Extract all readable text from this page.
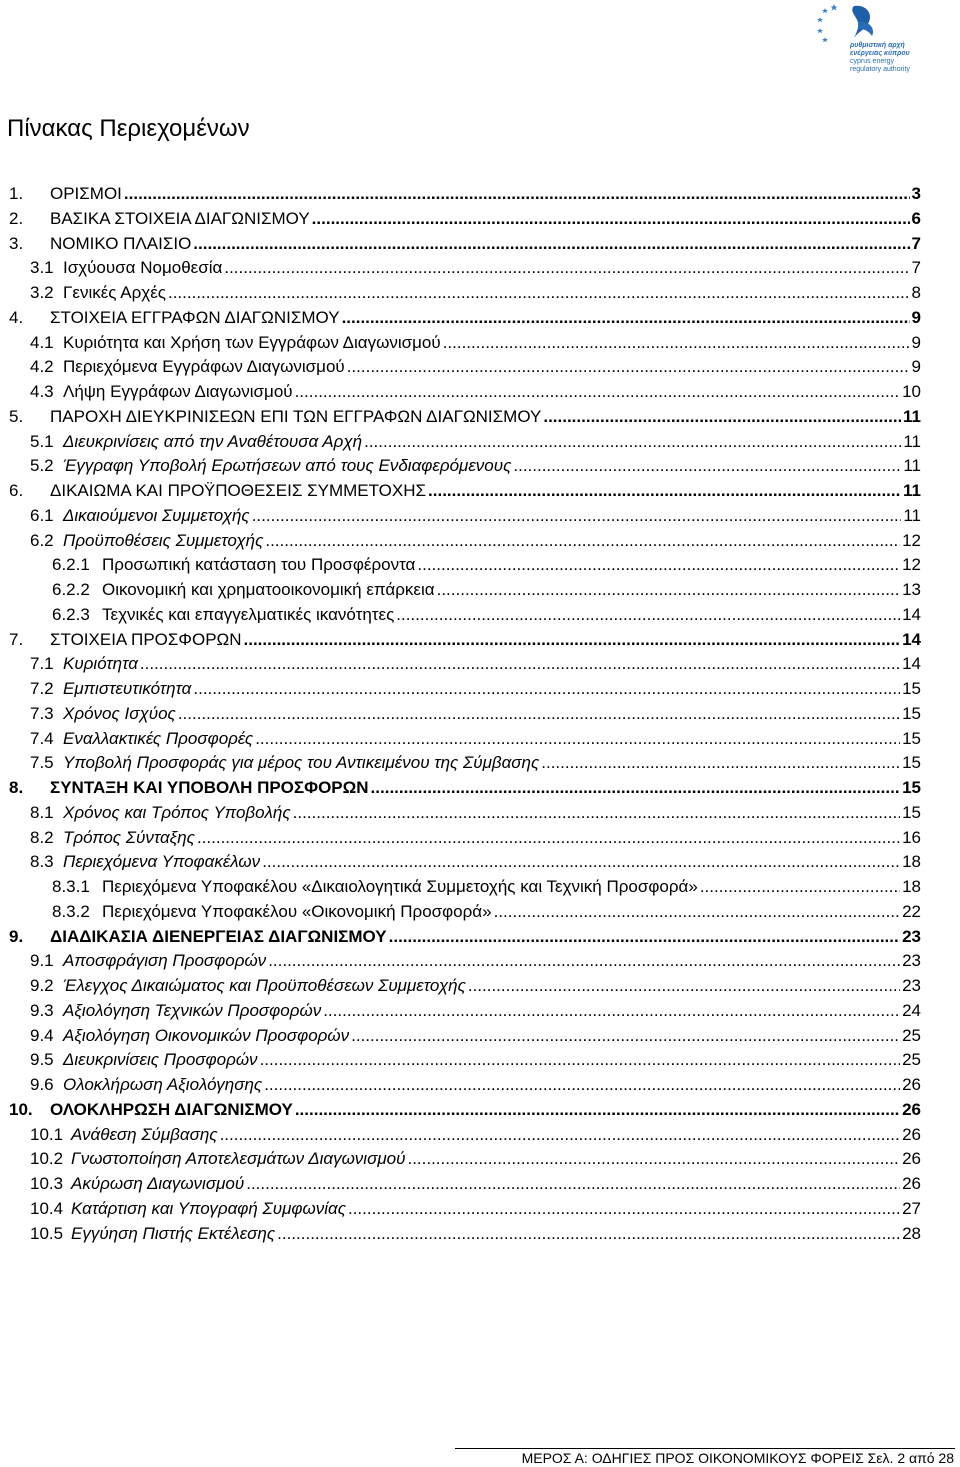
ρυθμιστική αρχή
ενέργειας κύπρου
cyprus energy
regulatory authority
Πίνακας Περιεχομένων
1. ΟΡΙΣΜΟΙ .....	3
2. ΒΑΣΙΚΑ ΣΤΟΙΧΕΙΑ ΔΙΑΓΩΝΙΣΜΟΥ .....	6
3. ΝΟΜΙΚΟ ΠΛΑΙΣΙΟ .....	7
3.1 Ισχύουσα Νομοθεσία .....	7
3.2 Γενικές Αρχές .....	8
4. ΣΤΟΙΧΕΙΑ ΕΓΓΡΑΦΩΝ ΔΙΑΓΩΝΙΣΜΟΥ .....	9
4.1 Κυριότητα και Χρήση των Εγγράφων Διαγωνισμού .....	9
4.2 Περιεχόμενα Εγγράφων Διαγωνισμού .....	9
4.3 Λήψη Εγγράφων Διαγωνισμού .....	10
5. ΠΑΡΟΧΗ ΔΙΕΥΚΡΙΝΙΣΕΩΝ ΕΠΙ ΤΩΝ ΕΓΓΡΑΦΩΝ ΔΙΑΓΩΝΙΣΜΟΥ .....	11
5.1 Διευκρινίσεις από την Αναθέτουσα Αρχή .....	11
5.2 Έγγραφη Υποβολή Ερωτήσεων από τους Ενδιαφερόμενους .....	11
6. ΔΙΚΑΙΩΜΑ ΚΑΙ ΠΡΟΫΠΟΘΕΣΕΙΣ ΣΥΜΜΕΤΟΧΗΣ .....	11
6.1 Δικαιούμενοι Συμμετοχής .....	11
6.2 Προϋποθέσεις Συμμετοχής .....	12
6.2.1 Προσωπική κατάσταση του Προσφέροντα .....	12
6.2.2 Οικονομική και χρηματοοικονομική επάρκεια .....	13
6.2.3 Τεχνικές και επαγγελματικές ικανότητες .....	14
7. ΣΤΟΙΧΕΙΑ ΠΡΟΣΦΟΡΩΝ .....	14
7.1 Κυριότητα .....	14
7.2 Εμπιστευτικότητα .....	15
7.3 Χρόνος Ισχύος .....	15
7.4 Εναλλακτικές Προσφορές .....	15
7.5 Υποβολή Προσφοράς για μέρος του Αντικειμένου της Σύμβασης .....	15
8. ΣΥΝΤΑΞΗ ΚΑΙ ΥΠΟΒΟΛΗ ΠΡΟΣΦΟΡΩΝ .....	15
8.1 Χρόνος και Τρόπος Υποβολής .....	15
8.2 Τρόπος Σύνταξης .....	16
8.3 Περιεχόμενα Υποφακέλων .....	18
8.3.1 Περιεχόμενα Υποφακέλου «Δικαιολογητικά Συμμετοχής και Τεχνική Προσφορά» .....	18
8.3.2 Περιεχόμενα Υποφακέλου «Οικονομική Προσφορά» .....	22
9. ΔΙΑΔΙΚΑΣΙΑ ΔΙΕΝΕΡΓΕΙΑΣ ΔΙΑΓΩΝΙΣΜΟΥ .....	23
9.1 Αποσφράγιση Προσφορών .....	23
9.2 Έλεγχος Δικαιώματος και Προϋποθέσεων Συμμετοχής .....	23
9.3 Αξιολόγηση Τεχνικών Προσφορών .....	24
9.4 Αξιολόγηση Οικονομικών Προσφορών .....	25
9.5 Διευκρινίσεις Προσφορών .....	25
9.6 Ολοκλήρωση Αξιολόγησης .....	26
10. ΟΛΟΚΛΗΡΩΣΗ ΔΙΑΓΩΝΙΣΜΟΥ .....	26
10.1 Ανάθεση Σύμβασης .....	26
10.2 Γνωστοποίηση Αποτελεσμάτων Διαγωνισμού .....	26
10.3 Ακύρωση Διαγωνισμού .....	26
10.4 Κατάρτιση και Υπογραφή Συμφωνίας .....	27
10.5 Εγγύηση Πιστής Εκτέλεσης .....	28
ΜΕΡΟΣ Α: ΟΔΗΓΙΕΣ ΠΡΟΣ ΟΙΚΟΝΟΜΙΚΟΥΣ ΦΟΡΕΙΣ Σελ. 2 από 28
